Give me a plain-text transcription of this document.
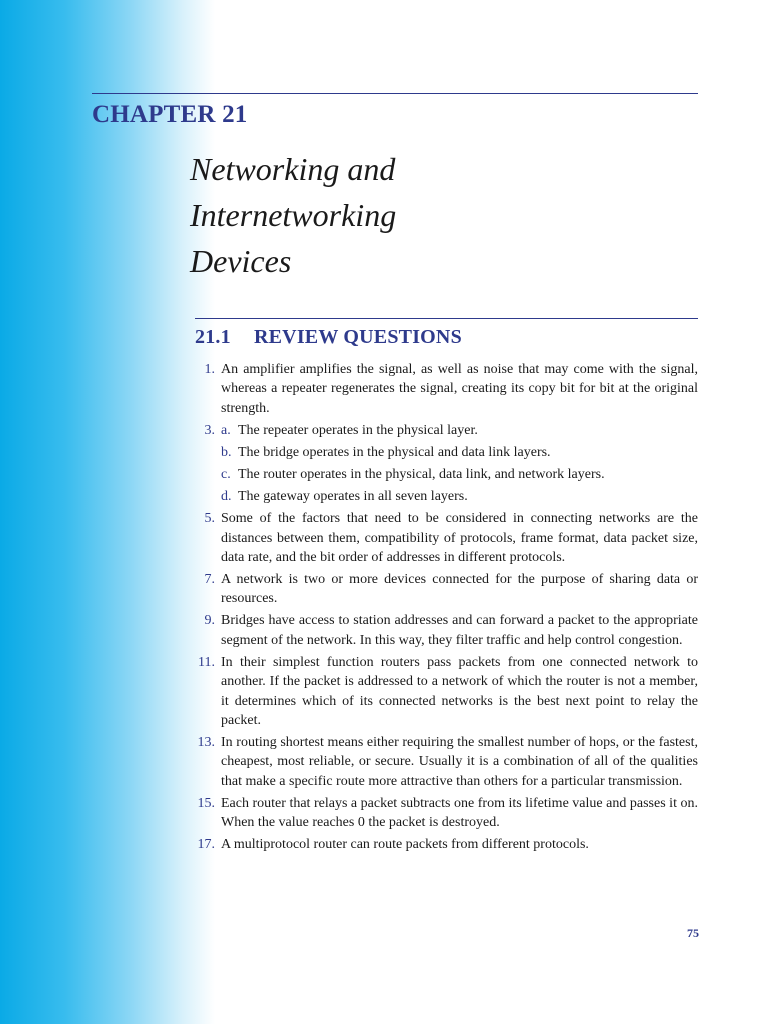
CHAPTER 21
Networking and
Internetworking
Devices
21.1 REVIEW QUESTIONS
1. An amplifier amplifies the signal, as well as noise that may come with the signal, whereas a repeater regenerates the signal, creating its copy bit for bit at the original strength.
3. a. The repeater operates in the physical layer.
b. The bridge operates in the physical and data link layers.
c. The router operates in the physical, data link, and network layers.
d. The gateway operates in all seven layers.
5. Some of the factors that need to be considered in connecting networks are the distances between them, compatibility of protocols, frame format, data packet size, data rate, and the bit order of addresses in different protocols.
7. A network is two or more devices connected for the purpose of sharing data or resources.
9. Bridges have access to station addresses and can forward a packet to the appropriate segment of the network. In this way, they filter traffic and help control congestion.
11. In their simplest function routers pass packets from one connected network to another. If the packet is addressed to a network of which the router is not a member, it determines which of its connected networks is the best next point to relay the packet.
13. In routing shortest means either requiring the smallest number of hops, or the fastest, cheapest, most reliable, or secure. Usually it is a combination of all of the qualities that make a specific route more attractive than others for a particular transmission.
15. Each router that relays a packet subtracts one from its lifetime value and passes it on. When the value reaches 0 the packet is destroyed.
17. A multiprotocol router can route packets from different protocols.
75
